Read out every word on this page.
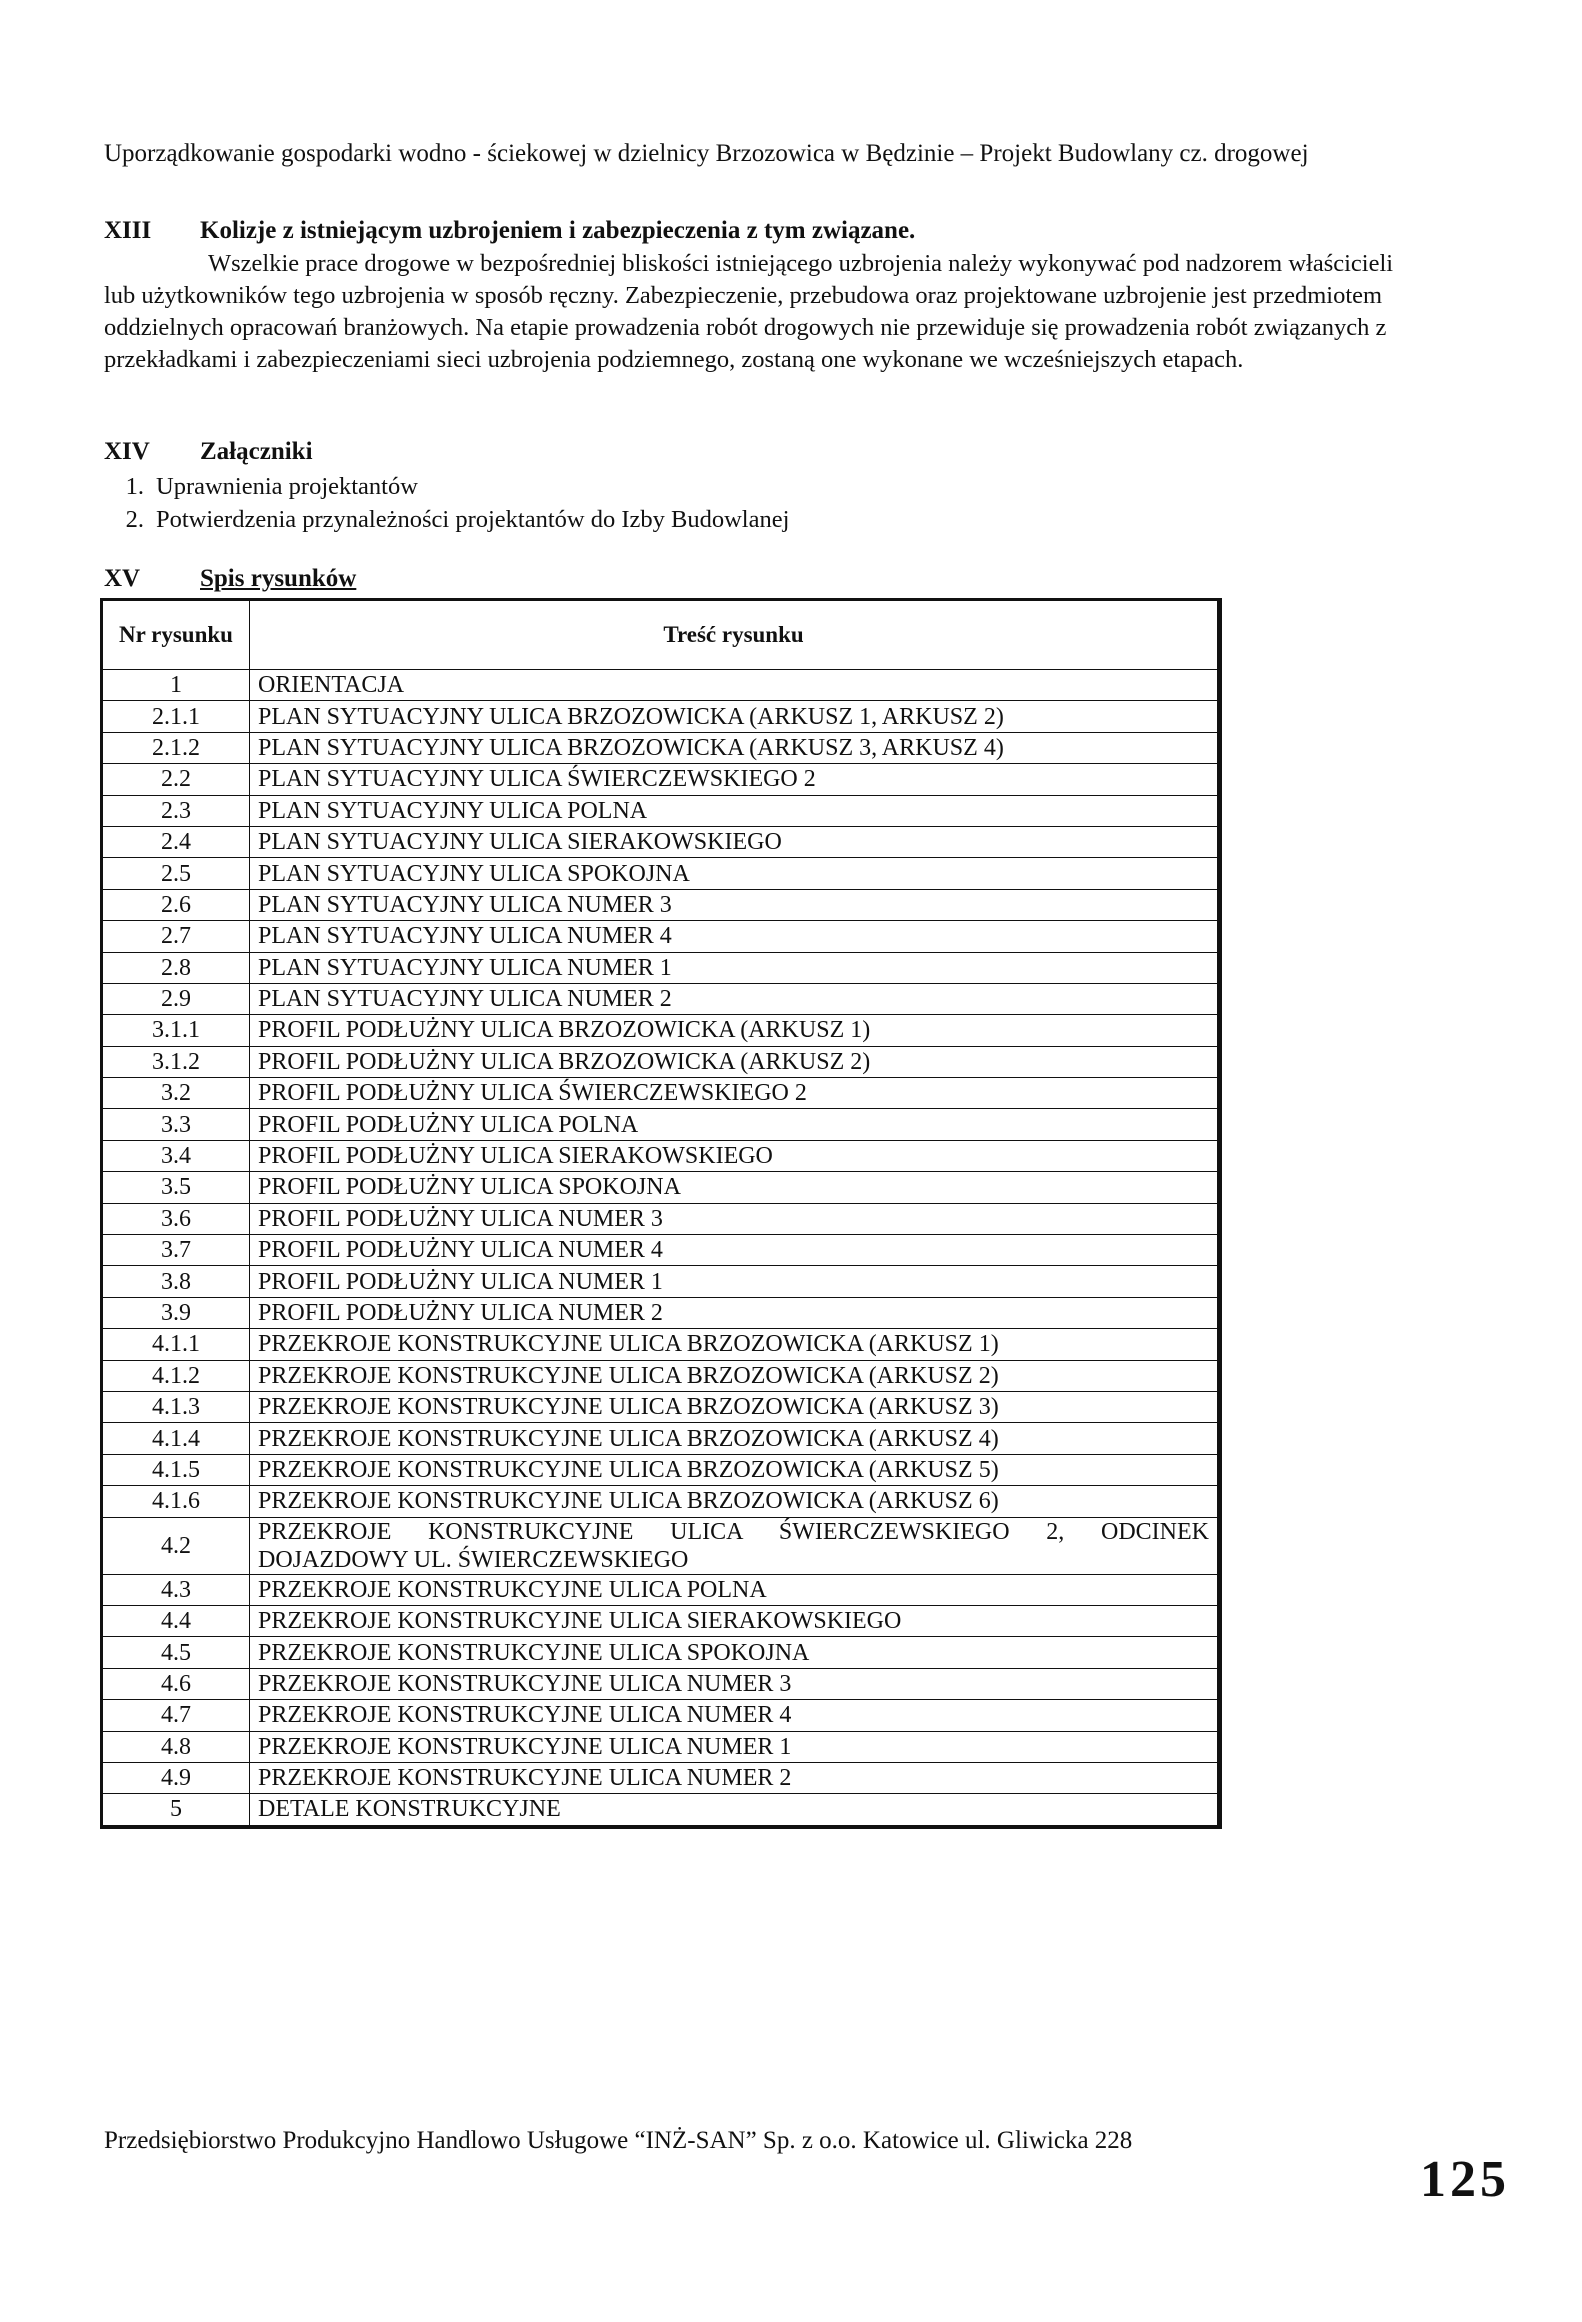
Uporządkowanie gospodarki wodno - ściekowej w dzielnicy Brzozowica w Będzinie – Projekt Budowlany cz. drogowej
XIII	Kolizje z istniejącym uzbrojeniem i zabezpieczenia z tym związane.
Wszelkie prace drogowe w bezpośredniej bliskości istniejącego uzbrojenia należy wykonywać pod nadzorem właścicieli lub użytkowników tego uzbrojenia w sposób ręczny. Zabezpieczenie, przebudowa oraz projektowane uzbrojenie jest przedmiotem oddzielnych opracowań branżowych. Na etapie prowadzenia robót drogowych nie przewiduje się prowadzenia robót związanych z przekładkami i zabezpieczeniami sieci uzbrojenia podziemnego, zostaną one wykonane we wcześniejszych etapach.
XIV	Załączniki
1. Uprawnienia projektantów
2. Potwierdzenia przynależności projektantów do Izby Budowlanej
XV	Spis rysunków
Nr rysunku	Treść rysunku
1	ORIENTACJA
2.1.1	PLAN SYTUACYJNY ULICA BRZOZOWICKA (ARKUSZ 1, ARKUSZ 2)
2.1.2	PLAN SYTUACYJNY ULICA BRZOZOWICKA (ARKUSZ 3, ARKUSZ 4)
2.2	PLAN SYTUACYJNY ULICA ŚWIERCZEWSKIEGO 2
2.3	PLAN SYTUACYJNY ULICA POLNA
2.4	PLAN SYTUACYJNY ULICA SIERAKOWSKIEGO
2.5	PLAN SYTUACYJNY ULICA SPOKOJNA
2.6	PLAN SYTUACYJNY ULICA NUMER 3
2.7	PLAN SYTUACYJNY ULICA NUMER 4
2.8	PLAN SYTUACYJNY ULICA NUMER 1
2.9	PLAN SYTUACYJNY ULICA NUMER 2
3.1.1	PROFIL PODŁUŻNY ULICA BRZOZOWICKA (ARKUSZ 1)
3.1.2	PROFIL PODŁUŻNY ULICA BRZOZOWICKA (ARKUSZ 2)
3.2	PROFIL PODŁUŻNY ULICA ŚWIERCZEWSKIEGO 2
3.3	PROFIL PODŁUŻNY ULICA POLNA
3.4	PROFIL PODŁUŻNY ULICA SIERAKOWSKIEGO
3.5	PROFIL PODŁUŻNY ULICA SPOKOJNA
3.6	PROFIL PODŁUŻNY ULICA NUMER 3
3.7	PROFIL PODŁUŻNY ULICA NUMER 4
3.8	PROFIL PODŁUŻNY ULICA NUMER 1
3.9	PROFIL PODŁUŻNY ULICA NUMER 2
4.1.1	PRZEKROJE KONSTRUKCYJNE ULICA BRZOZOWICKA (ARKUSZ 1)
4.1.2	PRZEKROJE KONSTRUKCYJNE ULICA BRZOZOWICKA (ARKUSZ 2)
4.1.3	PRZEKROJE KONSTRUKCYJNE ULICA BRZOZOWICKA (ARKUSZ 3)
4.1.4	PRZEKROJE KONSTRUKCYJNE ULICA BRZOZOWICKA (ARKUSZ 4)
4.1.5	PRZEKROJE KONSTRUKCYJNE ULICA BRZOZOWICKA (ARKUSZ 5)
4.1.6	PRZEKROJE KONSTRUKCYJNE ULICA BRZOZOWICKA (ARKUSZ 6)
4.2	PRZEKROJE KONSTRUKCYJNE ULICA ŚWIERCZEWSKIEGO 2, ODCINEK DOJAZDOWY UL. ŚWIERCZEWSKIEGO
4.3	PRZEKROJE KONSTRUKCYJNE ULICA POLNA
4.4	PRZEKROJE KONSTRUKCYJNE ULICA SIERAKOWSKIEGO
4.5	PRZEKROJE KONSTRUKCYJNE ULICA SPOKOJNA
4.6	PRZEKROJE KONSTRUKCYJNE ULICA NUMER 3
4.7	PRZEKROJE KONSTRUKCYJNE ULICA NUMER 4
4.8	PRZEKROJE KONSTRUKCYJNE ULICA NUMER 1
4.9	PRZEKROJE KONSTRUKCYJNE ULICA NUMER 2
5	DETALE KONSTRUKCYJNE
Przedsiębiorstwo Produkcyjno Handlowo Usługowe “INŻ-SAN” Sp. z o.o. Katowice ul. Gliwicka 228
125
